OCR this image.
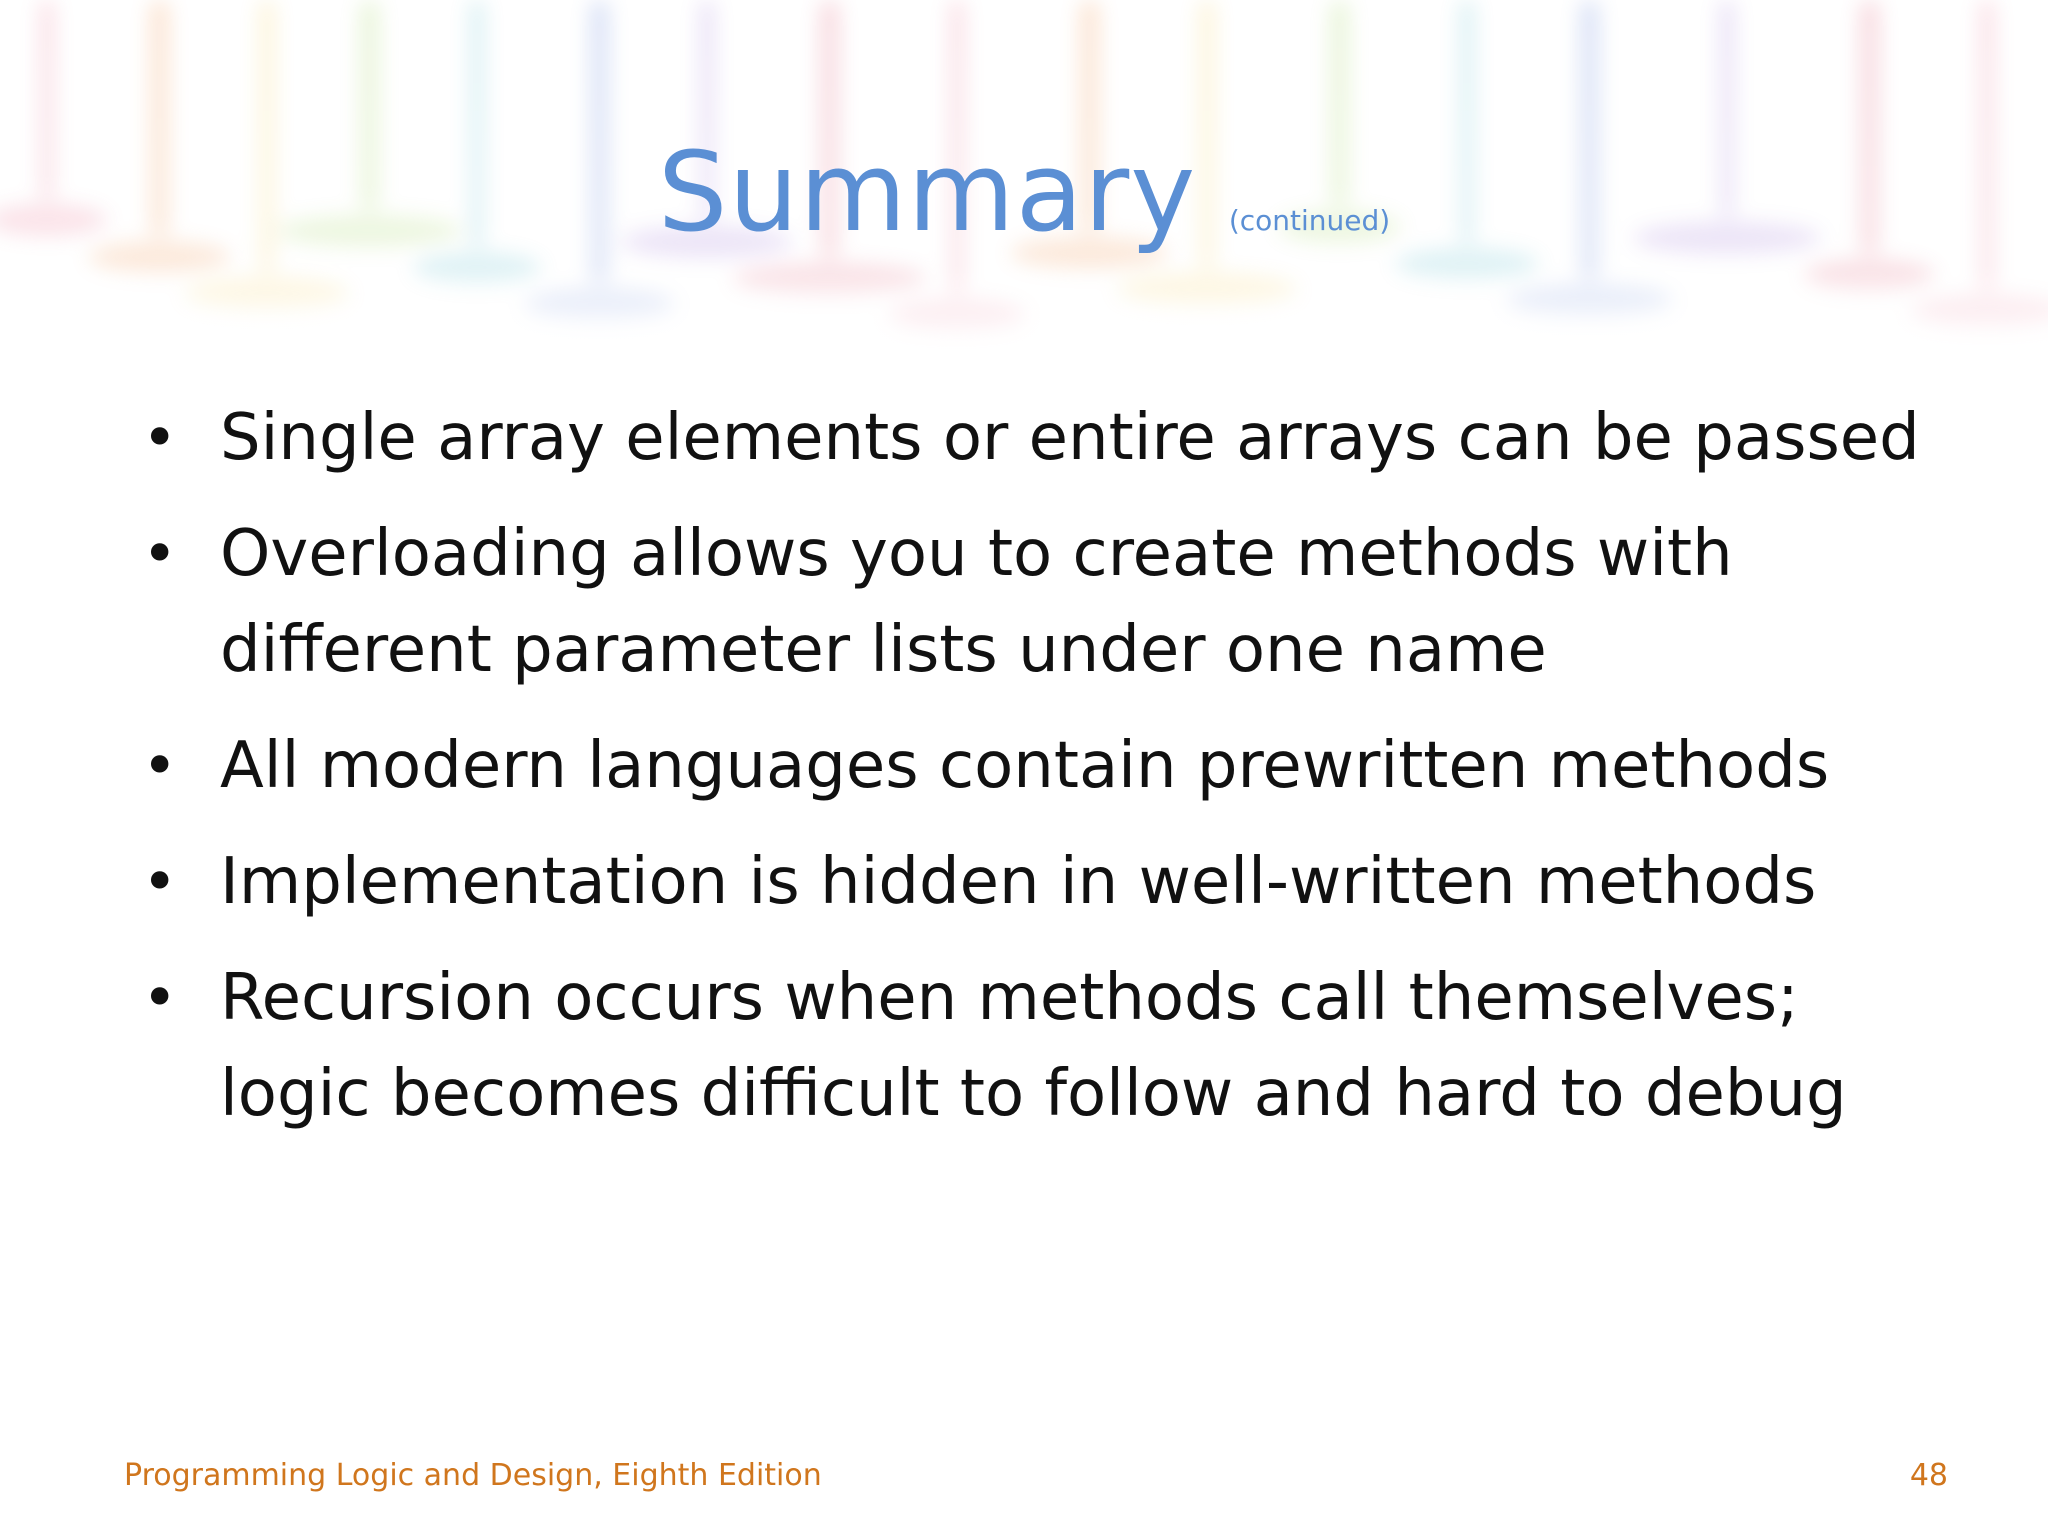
Summary (continued)
• Single array elements or entire arrays can be passed
• Overloading allows you to create methods with different parameter lists under one name
• All modern languages contain prewritten methods
• Implementation is hidden in well-written methods
• Recursion occurs when methods call themselves; logic becomes difficult to follow and hard to debug
Programming Logic and Design, Eighth Edition	48
